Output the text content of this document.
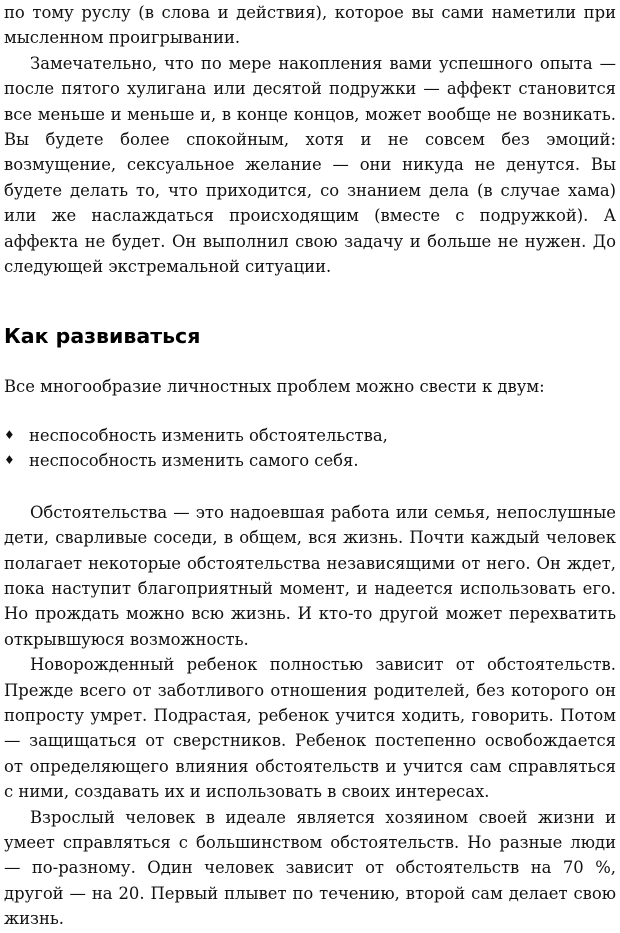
по тому руслу (в слова и действия), которое вы сами наметили при мысленном проигрывании.

Замечательно, что по мере накопления вами успешного опыта — после пятого хулигана или десятой подружки — аффект становится все меньше и меньше и, в конце концов, может вообще не возникать. Вы будете более спокойным, хотя и не совсем без эмоций: возмущение, сексуальное желание — они никуда не денутся. Вы будете делать то, что приходится, со знанием дела (в случае хама) или же наслаждаться происходящим (вместе с подружкой). А аффекта не будет. Он выполнил свою задачу и больше не нужен. До следующей экстремальной ситуации.

Как развиваться

Все многообразие личностных проблем можно свести к двум:

♦ неспособность изменить обстоятельства,
♦ неспособность изменить самого себя.

Обстоятельства — это надоевшая работа или семья, непослушные дети, сварливые соседи, в общем, вся жизнь. Почти каждый человек полагает некоторые обстоятельства независящими от него. Он ждет, пока наступит благоприятный момент, и надеется использовать его. Но прождать можно всю жизнь. И кто-то другой может перехватить открывшуюся возможность.

Новорожденный ребенок полностью зависит от обстоятельств. Прежде всего от заботливого отношения родителей, без которого он попросту умрет. Подрастая, ребенок учится ходить, говорить. Потом — защищаться от сверстников. Ребенок постепенно освобождается от определяющего влияния обстоятельств и учится сам справляться с ними, создавать их и использовать в своих интересах.

Взрослый человек в идеале является хозяином своей жизни и умеет справляться с большинством обстоятельств. Но разные люди — по-разному. Один человек зависит от обстоятельств на 70 %, другой — на 20. Первый плывет по течению, второй сам делает свою жизнь.
